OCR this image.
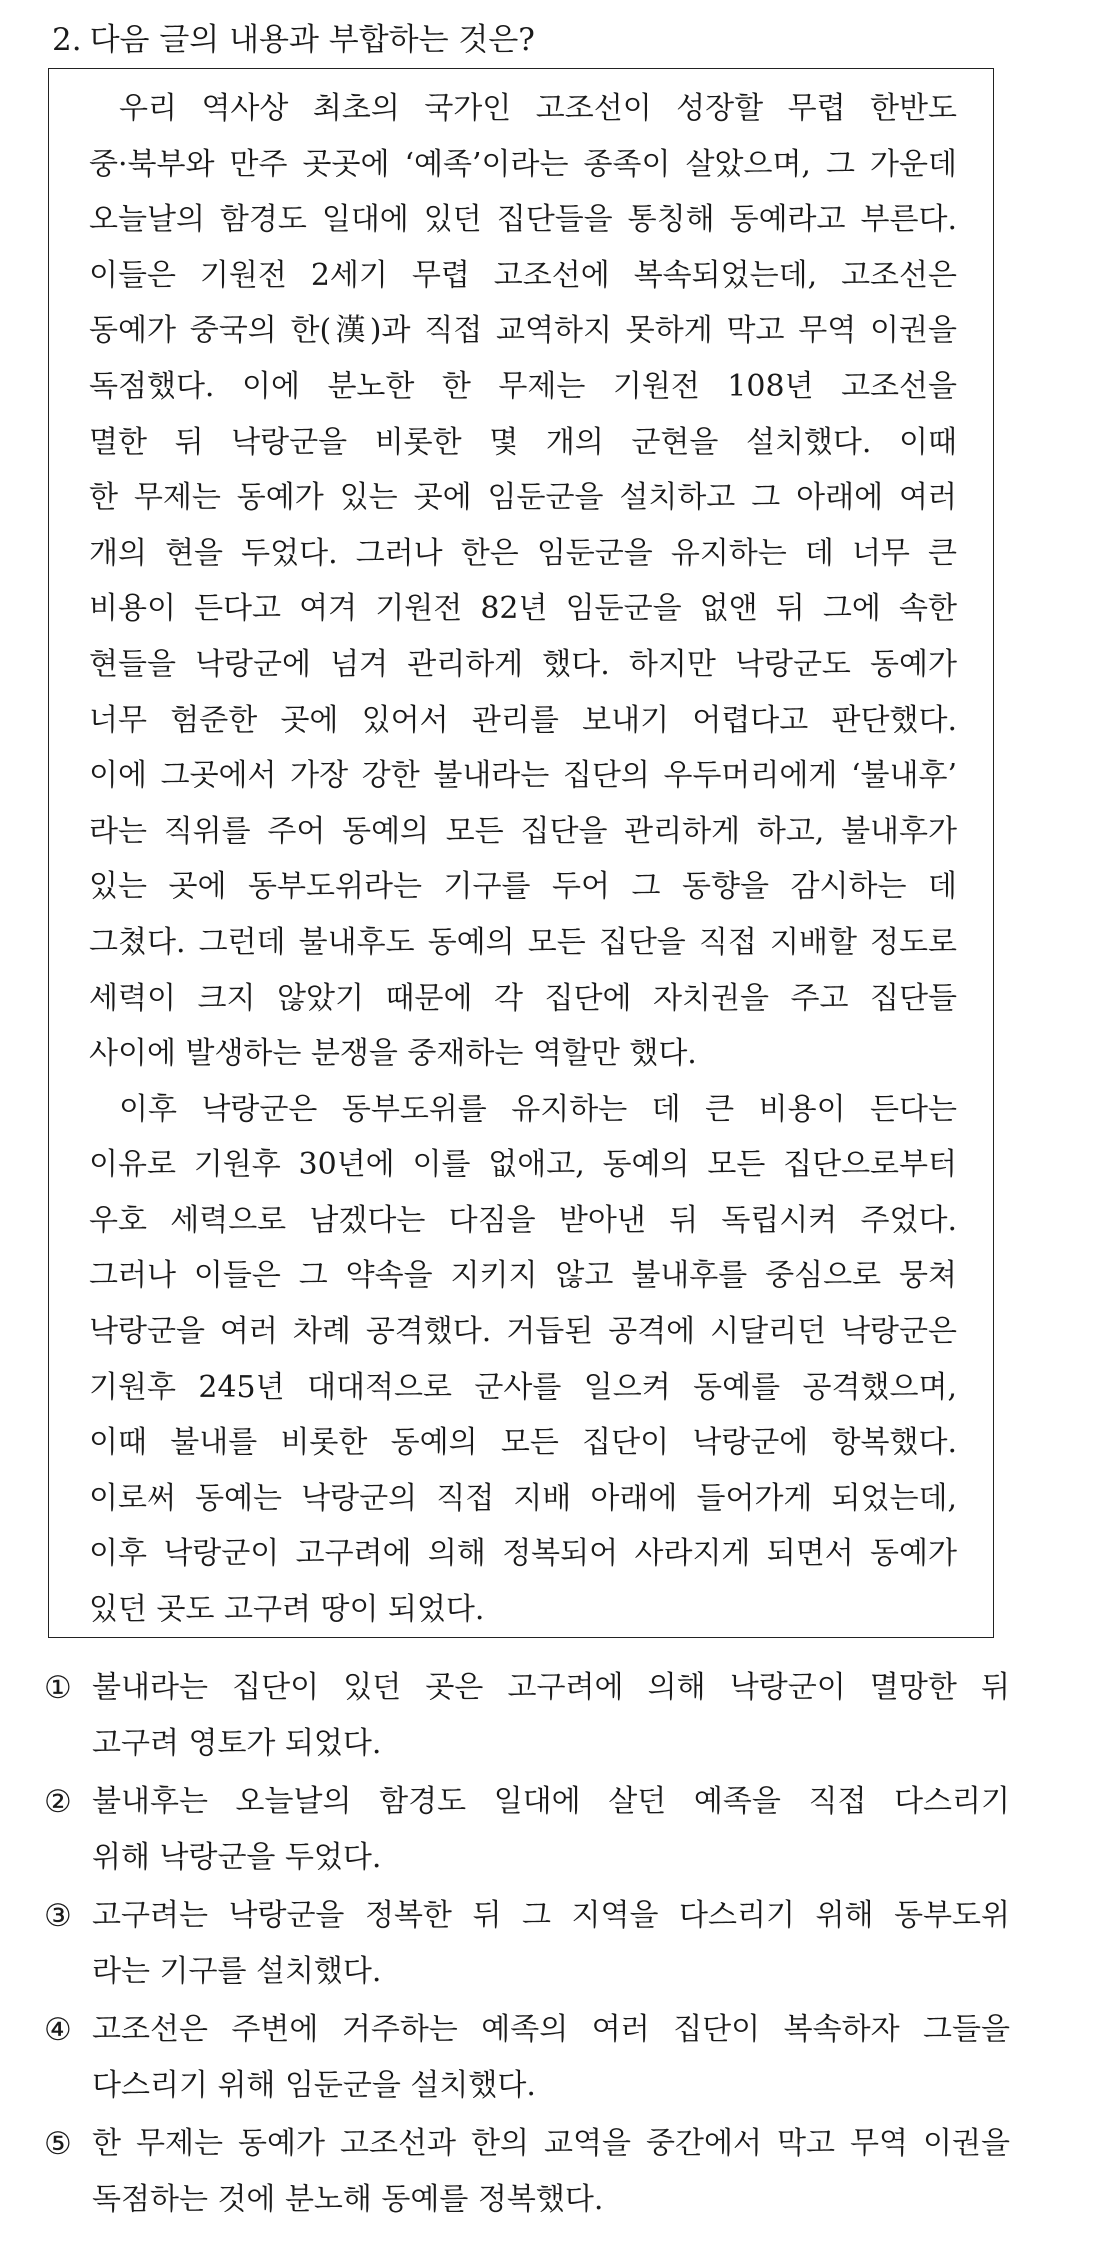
2. 다음 글의 내용과 부합하는 것은?
우리 역사상 최초의 국가인 고조선이 성장할 무렵 한반도
중·북부와 만주 곳곳에 ‘예족’이라는 종족이 살았으며, 그 가운데
오늘날의 함경도 일대에 있던 집단들을 통칭해 동예라고 부른다.
이들은 기원전 2세기 무렵 고조선에 복속되었는데, 고조선은
동예가 중국의 한(漢)과 직접 교역하지 못하게 막고 무역 이권을
독점했다. 이에 분노한 한 무제는 기원전 108년 고조선을
멸한 뒤 낙랑군을 비롯한 몇 개의 군현을 설치했다. 이때
한 무제는 동예가 있는 곳에 임둔군을 설치하고 그 아래에 여러
개의 현을 두었다. 그러나 한은 임둔군을 유지하는 데 너무 큰
비용이 든다고 여겨 기원전 82년 임둔군을 없앤 뒤 그에 속한
현들을 낙랑군에 넘겨 관리하게 했다. 하지만 낙랑군도 동예가
너무 험준한 곳에 있어서 관리를 보내기 어렵다고 판단했다.
이에 그곳에서 가장 강한 불내라는 집단의 우두머리에게 ‘불내후’
라는 직위를 주어 동예의 모든 집단을 관리하게 하고, 불내후가
있는 곳에 동부도위라는 기구를 두어 그 동향을 감시하는 데
그쳤다. 그런데 불내후도 동예의 모든 집단을 직접 지배할 정도로
세력이 크지 않았기 때문에 각 집단에 자치권을 주고 집단들
사이에 발생하는 분쟁을 중재하는 역할만 했다.
이후 낙랑군은 동부도위를 유지하는 데 큰 비용이 든다는
이유로 기원후 30년에 이를 없애고, 동예의 모든 집단으로부터
우호 세력으로 남겠다는 다짐을 받아낸 뒤 독립시켜 주었다.
그러나 이들은 그 약속을 지키지 않고 불내후를 중심으로 뭉쳐
낙랑군을 여러 차례 공격했다. 거듭된 공격에 시달리던 낙랑군은
기원후 245년 대대적으로 군사를 일으켜 동예를 공격했으며,
이때 불내를 비롯한 동예의 모든 집단이 낙랑군에 항복했다.
이로써 동예는 낙랑군의 직접 지배 아래에 들어가게 되었는데,
이후 낙랑군이 고구려에 의해 정복되어 사라지게 되면서 동예가
있던 곳도 고구려 땅이 되었다.
① 불내라는 집단이 있던 곳은 고구려에 의해 낙랑군이 멸망한 뒤
고구려 영토가 되었다.
② 불내후는 오늘날의 함경도 일대에 살던 예족을 직접 다스리기
위해 낙랑군을 두었다.
③ 고구려는 낙랑군을 정복한 뒤 그 지역을 다스리기 위해 동부도위
라는 기구를 설치했다.
④ 고조선은 주변에 거주하는 예족의 여러 집단이 복속하자 그들을
다스리기 위해 임둔군을 설치했다.
⑤ 한 무제는 동예가 고조선과 한의 교역을 중간에서 막고 무역 이권을
독점하는 것에 분노해 동예를 정복했다.
